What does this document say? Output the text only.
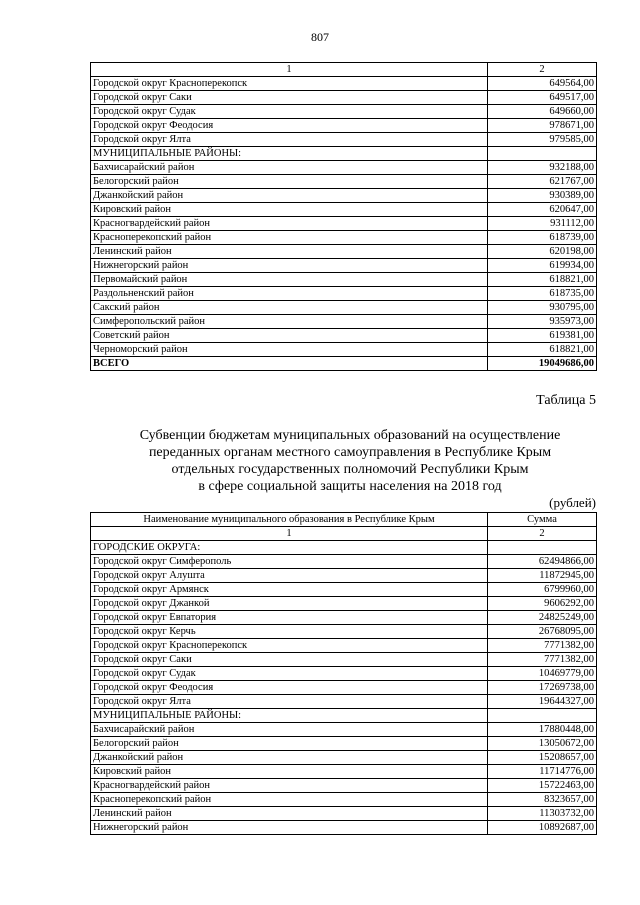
807
1	2
Городской округ Красноперекопск	649564,00
Городской округ Саки	649517,00
Городской округ Судак	649660,00
Городской округ Феодосия	978671,00
Городской округ Ялта	979585,00
МУНИЦИПАЛЬНЫЕ РАЙОНЫ:	
Бахчисарайский район	932188,00
Белогорский район	621767,00
Джанкойский район	930389,00
Кировский район	620647,00
Красногвардейский район	931112,00
Красноперекопский район	618739,00
Ленинский район	620198,00
Нижнегорский район	619934,00
Первомайский район	618821,00
Раздольненский район	618735,00
Сакский район	930795,00
Симферопольский район	935973,00
Советский район	619381,00
Черноморский район	618821,00
ВСЕГО	19049686,00
Таблица 5
Субвенции бюджетам муниципальных образований на осуществление
переданных органам местного самоуправления в Республике Крым
отдельных государственных полномочий Республики Крым
в сфере социальной защиты населения на 2018 год
(рублей)
Наименование муниципального образования в Республике Крым	Сумма
1	2
ГОРОДСКИЕ ОКРУГА:	
Городской округ Симферополь	62494866,00
Городской округ Алушта	11872945,00
Городской округ Армянск	6799960,00
Городской округ Джанкой	9606292,00
Городской округ Евпатория	24825249,00
Городской округ Керчь	26768095,00
Городской округ Красноперекопск	7771382,00
Городской округ Саки	7771382,00
Городской округ Судак	10469779,00
Городской округ Феодосия	17269738,00
Городской округ Ялта	19644327,00
МУНИЦИПАЛЬНЫЕ РАЙОНЫ:	
Бахчисарайский район	17880448,00
Белогорский район	13050672,00
Джанкойский район	15208657,00
Кировский район	11714776,00
Красногвардейский район	15722463,00
Красноперекопский район	8323657,00
Ленинский район	11303732,00
Нижнегорский район	10892687,00
